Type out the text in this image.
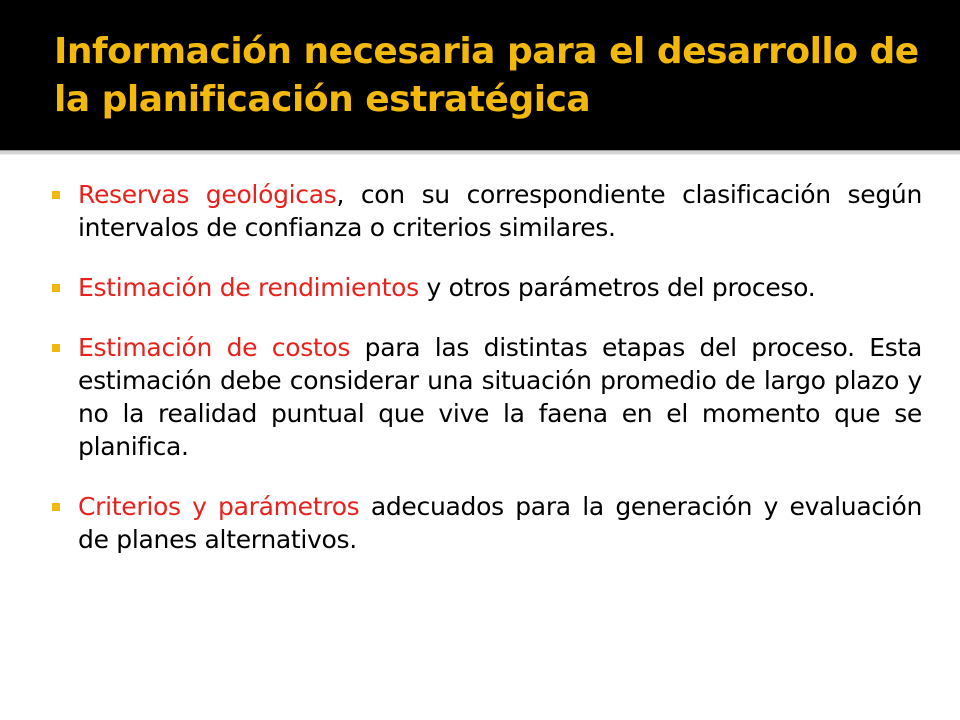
Información necesaria para el desarrollo de la planificación estratégica
Reservas geológicas, con su correspondiente clasificación según intervalos de confianza o criterios similares.
Estimación de rendimientos y otros parámetros del proceso.
Estimación de costos para las distintas etapas del proceso. Esta estimación debe considerar una situación promedio de largo plazo y no la realidad puntual que vive la faena en el momento que se planifica.
Criterios y parámetros adecuados para la generación y evaluación de planes alternativos.
